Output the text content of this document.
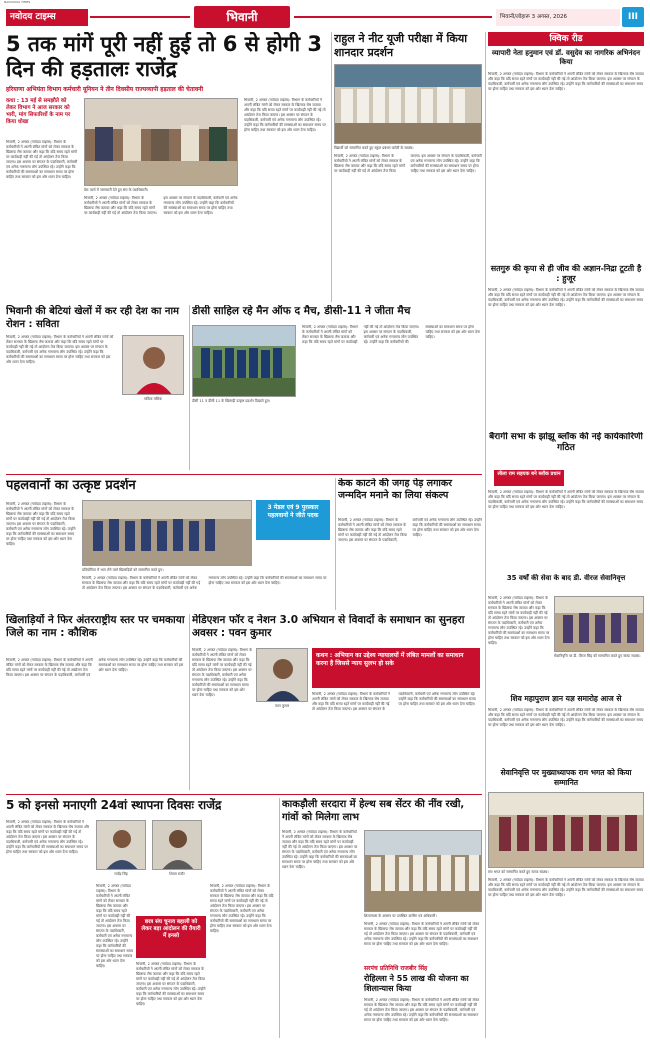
NAVODAYA TIMES
नवोदय टाइम्स	भिवानी	भिवानी/लोहारू 3 अगस्त, 2026	III
5 तक मांगें पूरी नहीं हुई तो 6 से होगी 3 दिन की हड़तालः राजेंद्र
हरियाणा अभियंता विभाग कर्मचारी यूनियन ने तीन दिवसीय राज्यव्यापी हड़ताल की चेतावनी
कथा : 13 मई से समझौते को लेकर विभाग ने आज सरकार को भारी, मांग सिफारिशों के नाम पर किया धोखा
भिवानी, 2 अगस्त (नवोदय टाइम्स): विभाग के कर्मचारियों ने अपनी लंबित मांगों को लेकर सरकार के खिलाफ रोष जताया और कहा कि यदि समय रहते मांगों पर कार्यवाही नहीं की गई तो आंदोलन तेज किया जाएगा। इस अवसर पर संगठन के पदाधिकारी, कर्मचारी एवं अनेक गणमान्य लोग उपस्थित रहे। उन्होंने कहा कि कर्मचारियों की समस्याओं का समाधान समय पर होना चाहिए तथा सरकार को इस ओर ध्यान देना चाहिए।
प्रेस वार्ता में जानकारी देते हुए संघ के पदाधिकारी।
भिवानी, 2 अगस्त (नवोदय टाइम्स): विभाग के कर्मचारियों ने अपनी लंबित मांगों को लेकर सरकार के खिलाफ रोष जताया और कहा कि यदि समय रहते मांगों पर कार्यवाही नहीं की गई तो आंदोलन तेज किया जाएगा। इस अवसर पर संगठन के पदाधिकारी, कर्मचारी एवं अनेक गणमान्य लोग उपस्थित रहे। उन्होंने कहा कि कर्मचारियों की समस्याओं का समाधान समय पर होना चाहिए तथा सरकार को इस ओर ध्यान देना चाहिए।
भिवानी, 2 अगस्त (नवोदय टाइम्स): विभाग के कर्मचारियों ने अपनी लंबित मांगों को लेकर सरकार के खिलाफ रोष जताया और कहा कि यदि समय रहते मांगों पर कार्यवाही नहीं की गई तो आंदोलन तेज किया जाएगा। इस अवसर पर संगठन के पदाधिकारी, कर्मचारी एवं अनेक गणमान्य लोग उपस्थित रहे। उन्होंने कहा कि कर्मचारियों की समस्याओं का समाधान समय पर होना चाहिए तथा सरकार को इस ओर ध्यान देना चाहिए।
राहुल ने नीट यूजी परीक्षा में किया शानदार प्रदर्शन
विद्यार्थी को सम्मानित करते हुए स्कूल प्रबंधन कमेटी के सदस्य।
भिवानी, 2 अगस्त (नवोदय टाइम्स): विभाग के कर्मचारियों ने अपनी लंबित मांगों को लेकर सरकार के खिलाफ रोष जताया और कहा कि यदि समय रहते मांगों पर कार्यवाही नहीं की गई तो आंदोलन तेज किया जाएगा। इस अवसर पर संगठन के पदाधिकारी, कर्मचारी एवं अनेक गणमान्य लोग उपस्थित रहे। उन्होंने कहा कि कर्मचारियों की समस्याओं का समाधान समय पर होना चाहिए तथा सरकार को इस ओर ध्यान देना चाहिए।
क्विक रीड
व्यापारी नेता हनुमान एवं डॉ. वसुदेव का नागरिक अभिनंदन किया
भिवानी, 2 अगस्त (नवोदय टाइम्स): विभाग के कर्मचारियों ने अपनी लंबित मांगों को लेकर सरकार के खिलाफ रोष जताया और कहा कि यदि समय रहते मांगों पर कार्यवाही नहीं की गई तो आंदोलन तेज किया जाएगा। इस अवसर पर संगठन के पदाधिकारी, कर्मचारी एवं अनेक गणमान्य लोग उपस्थित रहे। उन्होंने कहा कि कर्मचारियों की समस्याओं का समाधान समय पर होना चाहिए तथा सरकार को इस ओर ध्यान देना चाहिए।
सतगुरु की कृपा से ही जीव की अज्ञान-निद्रा टूटती है : हुजूर
भिवानी, 2 अगस्त (नवोदय टाइम्स): विभाग के कर्मचारियों ने अपनी लंबित मांगों को लेकर सरकार के खिलाफ रोष जताया और कहा कि यदि समय रहते मांगों पर कार्यवाही नहीं की गई तो आंदोलन तेज किया जाएगा। इस अवसर पर संगठन के पदाधिकारी, कर्मचारी एवं अनेक गणमान्य लोग उपस्थित रहे। उन्होंने कहा कि कर्मचारियों की समस्याओं का समाधान समय पर होना चाहिए तथा सरकार को इस ओर ध्यान देना चाहिए।
भिवानी की बेटियां खेलों में कर रही देश का नाम रोशन : सविता
भिवानी, 2 अगस्त (नवोदय टाइम्स): विभाग के कर्मचारियों ने अपनी लंबित मांगों को लेकर सरकार के खिलाफ रोष जताया और कहा कि यदि समय रहते मांगों पर कार्यवाही नहीं की गई तो आंदोलन तेज किया जाएगा। इस अवसर पर संगठन के पदाधिकारी, कर्मचारी एवं अनेक गणमान्य लोग उपस्थित रहे। उन्होंने कहा कि कर्मचारियों की समस्याओं का समाधान समय पर होना चाहिए तथा सरकार को इस ओर ध्यान देना चाहिए।
सविता मलिक
डीसी साहिल रहे मैन ऑफ द मैच, डीसी-11 ने जीता मैच
डीसी 11 व डीसी 11 के खिलाड़ी उत्कृष्ट प्रदर्शन दिखाते हुए।
भिवानी, 2 अगस्त (नवोदय टाइम्स): विभाग के कर्मचारियों ने अपनी लंबित मांगों को लेकर सरकार के खिलाफ रोष जताया और कहा कि यदि समय रहते मांगों पर कार्यवाही नहीं की गई तो आंदोलन तेज किया जाएगा। इस अवसर पर संगठन के पदाधिकारी, कर्मचारी एवं अनेक गणमान्य लोग उपस्थित रहे। उन्होंने कहा कि कर्मचारियों की समस्याओं का समाधान समय पर होना चाहिए तथा सरकार को इस ओर ध्यान देना चाहिए।
पहलवानों का उत्कृष्ट प्रदर्शन
भिवानी, 2 अगस्त (नवोदय टाइम्स): विभाग के कर्मचारियों ने अपनी लंबित मांगों को लेकर सरकार के खिलाफ रोष जताया और कहा कि यदि समय रहते मांगों पर कार्यवाही नहीं की गई तो आंदोलन तेज किया जाएगा। इस अवसर पर संगठन के पदाधिकारी, कर्मचारी एवं अनेक गणमान्य लोग उपस्थित रहे। उन्होंने कहा कि कर्मचारियों की समस्याओं का समाधान समय पर होना चाहिए तथा सरकार को इस ओर ध्यान देना चाहिए।
3 मेडल एवं 9 पुरस्कार पहलवानों ने जीते पदक
प्रतियोगिता में भाग लेने वाले खिलाड़ियों को सम्मानित करते हुए।
भिवानी, 2 अगस्त (नवोदय टाइम्स): विभाग के कर्मचारियों ने अपनी लंबित मांगों को लेकर सरकार के खिलाफ रोष जताया और कहा कि यदि समय रहते मांगों पर कार्यवाही नहीं की गई तो आंदोलन तेज किया जाएगा। इस अवसर पर संगठन के पदाधिकारी, कर्मचारी एवं अनेक गणमान्य लोग उपस्थित रहे। उन्होंने कहा कि कर्मचारियों की समस्याओं का समाधान समय पर होना चाहिए तथा सरकार को इस ओर ध्यान देना चाहिए।
केक काटने की जगह पेड़ लगाकर जन्मदिन मनाने का लिया संकल्प
भिवानी, 2 अगस्त (नवोदय टाइम्स): विभाग के कर्मचारियों ने अपनी लंबित मांगों को लेकर सरकार के खिलाफ रोष जताया और कहा कि यदि समय रहते मांगों पर कार्यवाही नहीं की गई तो आंदोलन तेज किया जाएगा। इस अवसर पर संगठन के पदाधिकारी, कर्मचारी एवं अनेक गणमान्य लोग उपस्थित रहे। उन्होंने कहा कि कर्मचारियों की समस्याओं का समाधान समय पर होना चाहिए तथा सरकार को इस ओर ध्यान देना चाहिए।
बैरागी सभा के झोझू ब्लॉक की नई कार्यकारिणी गठित
लीला राम सहयक बने ब्लॉक प्रधान
भिवानी, 2 अगस्त (नवोदय टाइम्स): विभाग के कर्मचारियों ने अपनी लंबित मांगों को लेकर सरकार के खिलाफ रोष जताया और कहा कि यदि समय रहते मांगों पर कार्यवाही नहीं की गई तो आंदोलन तेज किया जाएगा। इस अवसर पर संगठन के पदाधिकारी, कर्मचारी एवं अनेक गणमान्य लोग उपस्थित रहे। उन्होंने कहा कि कर्मचारियों की समस्याओं का समाधान समय पर होना चाहिए तथा सरकार को इस ओर ध्यान देना चाहिए।
35 वर्षों की सेवा के बाद डी. वीरज सेवानिवृत्त
भिवानी, 2 अगस्त (नवोदय टाइम्स): विभाग के कर्मचारियों ने अपनी लंबित मांगों को लेकर सरकार के खिलाफ रोष जताया और कहा कि यदि समय रहते मांगों पर कार्यवाही नहीं की गई तो आंदोलन तेज किया जाएगा। इस अवसर पर संगठन के पदाधिकारी, कर्मचारी एवं अनेक गणमान्य लोग उपस्थित रहे। उन्होंने कहा कि कर्मचारियों की समस्याओं का समाधान समय पर होना चाहिए तथा सरकार को इस ओर ध्यान देना चाहिए।
सेवानिवृत्ति पर डी. वीरज सिंह को सम्मानित करते हुए स्टाफ सदस्य।
खिलाड़ियों ने फिर अंतरराष्ट्रीय स्तर पर चमकाया जिले का नाम : कौशिक
भिवानी, 2 अगस्त (नवोदय टाइम्स): विभाग के कर्मचारियों ने अपनी लंबित मांगों को लेकर सरकार के खिलाफ रोष जताया और कहा कि यदि समय रहते मांगों पर कार्यवाही नहीं की गई तो आंदोलन तेज किया जाएगा। इस अवसर पर संगठन के पदाधिकारी, कर्मचारी एवं अनेक गणमान्य लोग उपस्थित रहे। उन्होंने कहा कि कर्मचारियों की समस्याओं का समाधान समय पर होना चाहिए तथा सरकार को इस ओर ध्यान देना चाहिए।
मेडिएशन फॉर द नेशन 3.0 अभियान से विवादों के समाधान का सुनहरा अवसर : पवन कुमार
भिवानी, 2 अगस्त (नवोदय टाइम्स): विभाग के कर्मचारियों ने अपनी लंबित मांगों को लेकर सरकार के खिलाफ रोष जताया और कहा कि यदि समय रहते मांगों पर कार्यवाही नहीं की गई तो आंदोलन तेज किया जाएगा। इस अवसर पर संगठन के पदाधिकारी, कर्मचारी एवं अनेक गणमान्य लोग उपस्थित रहे। उन्होंने कहा कि कर्मचारियों की समस्याओं का समाधान समय पर होना चाहिए तथा सरकार को इस ओर ध्यान देना चाहिए।
पवन कुमार
कथन : अभियान का उद्देश्य न्यायालयों में लंबित मामलों का समाधान करना है जिससे न्याय सुलभ हो सके
भिवानी, 2 अगस्त (नवोदय टाइम्स): विभाग के कर्मचारियों ने अपनी लंबित मांगों को लेकर सरकार के खिलाफ रोष जताया और कहा कि यदि समय रहते मांगों पर कार्यवाही नहीं की गई तो आंदोलन तेज किया जाएगा। इस अवसर पर संगठन के पदाधिकारी, कर्मचारी एवं अनेक गणमान्य लोग उपस्थित रहे। उन्होंने कहा कि कर्मचारियों की समस्याओं का समाधान समय पर होना चाहिए तथा सरकार को इस ओर ध्यान देना चाहिए।
शिव महापुराण ज्ञान यज्ञ समारोह आज से
भिवानी, 2 अगस्त (नवोदय टाइम्स): विभाग के कर्मचारियों ने अपनी लंबित मांगों को लेकर सरकार के खिलाफ रोष जताया और कहा कि यदि समय रहते मांगों पर कार्यवाही नहीं की गई तो आंदोलन तेज किया जाएगा। इस अवसर पर संगठन के पदाधिकारी, कर्मचारी एवं अनेक गणमान्य लोग उपस्थित रहे। उन्होंने कहा कि कर्मचारियों की समस्याओं का समाधान समय पर होना चाहिए तथा सरकार को इस ओर ध्यान देना चाहिए।
सेवानिवृत्ति पर मुख्याध्यापक राम भगत को किया सम्मानित
राम भगत को सम्मानित करते हुए स्टाफ सदस्य।
भिवानी, 2 अगस्त (नवोदय टाइम्स): विभाग के कर्मचारियों ने अपनी लंबित मांगों को लेकर सरकार के खिलाफ रोष जताया और कहा कि यदि समय रहते मांगों पर कार्यवाही नहीं की गई तो आंदोलन तेज किया जाएगा। इस अवसर पर संगठन के पदाधिकारी, कर्मचारी एवं अनेक गणमान्य लोग उपस्थित रहे। उन्होंने कहा कि कर्मचारियों की समस्याओं का समाधान समय पर होना चाहिए तथा सरकार को इस ओर ध्यान देना चाहिए।
5 को इनसो मनाएगी 24वां स्थापना दिवसः राजेंद्र
भिवानी, 2 अगस्त (नवोदय टाइम्स): विभाग के कर्मचारियों ने अपनी लंबित मांगों को लेकर सरकार के खिलाफ रोष जताया और कहा कि यदि समय रहते मांगों पर कार्यवाही नहीं की गई तो आंदोलन तेज किया जाएगा। इस अवसर पर संगठन के पदाधिकारी, कर्मचारी एवं अनेक गणमान्य लोग उपस्थित रहे। उन्होंने कहा कि कर्मचारियों की समस्याओं का समाधान समय पर होना चाहिए तथा सरकार को इस ओर ध्यान देना चाहिए।
राजेंद्र सिंह	शिवम राठौर
छात्र संघ चुनाव बहाली को लेकर बड़ा आंदोलन की तैयारी में इनसो
भिवानी, 2 अगस्त (नवोदय टाइम्स): विभाग के कर्मचारियों ने अपनी लंबित मांगों को लेकर सरकार के खिलाफ रोष जताया और कहा कि यदि समय रहते मांगों पर कार्यवाही नहीं की गई तो आंदोलन तेज किया जाएगा। इस अवसर पर संगठन के पदाधिकारी, कर्मचारी एवं अनेक गणमान्य लोग उपस्थित रहे। उन्होंने कहा कि कर्मचारियों की समस्याओं का समाधान समय पर होना चाहिए तथा सरकार को इस ओर ध्यान देना चाहिए।
भिवानी, 2 अगस्त (नवोदय टाइम्स): विभाग के कर्मचारियों ने अपनी लंबित मांगों को लेकर सरकार के खिलाफ रोष जताया और कहा कि यदि समय रहते मांगों पर कार्यवाही नहीं की गई तो आंदोलन तेज किया जाएगा। इस अवसर पर संगठन के पदाधिकारी, कर्मचारी एवं अनेक गणमान्य लोग उपस्थित रहे। उन्होंने कहा कि कर्मचारियों की समस्याओं का समाधान समय पर होना चाहिए तथा सरकार को इस ओर ध्यान देना चाहिए।
भिवानी, 2 अगस्त (नवोदय टाइम्स): विभाग के कर्मचारियों ने अपनी लंबित मांगों को लेकर सरकार के खिलाफ रोष जताया और कहा कि यदि समय रहते मांगों पर कार्यवाही नहीं की गई तो आंदोलन तेज किया जाएगा। इस अवसर पर संगठन के पदाधिकारी, कर्मचारी एवं अनेक गणमान्य लोग उपस्थित रहे। उन्होंने कहा कि कर्मचारियों की समस्याओं का समाधान समय पर होना चाहिए तथा सरकार को इस ओर ध्यान देना चाहिए।
काकड़ौली सरदारा में हेल्थ सब सेंटर की नींव रखी, गांवों को मिलेगा लाभ
भिवानी, 2 अगस्त (नवोदय टाइम्स): विभाग के कर्मचारियों ने अपनी लंबित मांगों को लेकर सरकार के खिलाफ रोष जताया और कहा कि यदि समय रहते मांगों पर कार्यवाही नहीं की गई तो आंदोलन तेज किया जाएगा। इस अवसर पर संगठन के पदाधिकारी, कर्मचारी एवं अनेक गणमान्य लोग उपस्थित रहे। उन्होंने कहा कि कर्मचारियों की समस्याओं का समाधान समय पर होना चाहिए तथा सरकार को इस ओर ध्यान देना चाहिए।
शिलान्यास के अवसर पर उपस्थित ग्रामीण एवं अधिकारी।
भिवानी, 2 अगस्त (नवोदय टाइम्स): विभाग के कर्मचारियों ने अपनी लंबित मांगों को लेकर सरकार के खिलाफ रोष जताया और कहा कि यदि समय रहते मांगों पर कार्यवाही नहीं की गई तो आंदोलन तेज किया जाएगा। इस अवसर पर संगठन के पदाधिकारी, कर्मचारी एवं अनेक गणमान्य लोग उपस्थित रहे। उन्होंने कहा कि कर्मचारियों की समस्याओं का समाधान समय पर होना चाहिए तथा सरकार को इस ओर ध्यान देना चाहिए।
सरपंच प्रतिनिधि राजबीर सिंह
रोहिल्ला ने 55 लाख की योजना का शिलान्यास किया
भिवानी, 2 अगस्त (नवोदय टाइम्स): विभाग के कर्मचारियों ने अपनी लंबित मांगों को लेकर सरकार के खिलाफ रोष जताया और कहा कि यदि समय रहते मांगों पर कार्यवाही नहीं की गई तो आंदोलन तेज किया जाएगा। इस अवसर पर संगठन के पदाधिकारी, कर्मचारी एवं अनेक गणमान्य लोग उपस्थित रहे। उन्होंने कहा कि कर्मचारियों की समस्याओं का समाधान समय पर होना चाहिए तथा सरकार को इस ओर ध्यान देना चाहिए।
